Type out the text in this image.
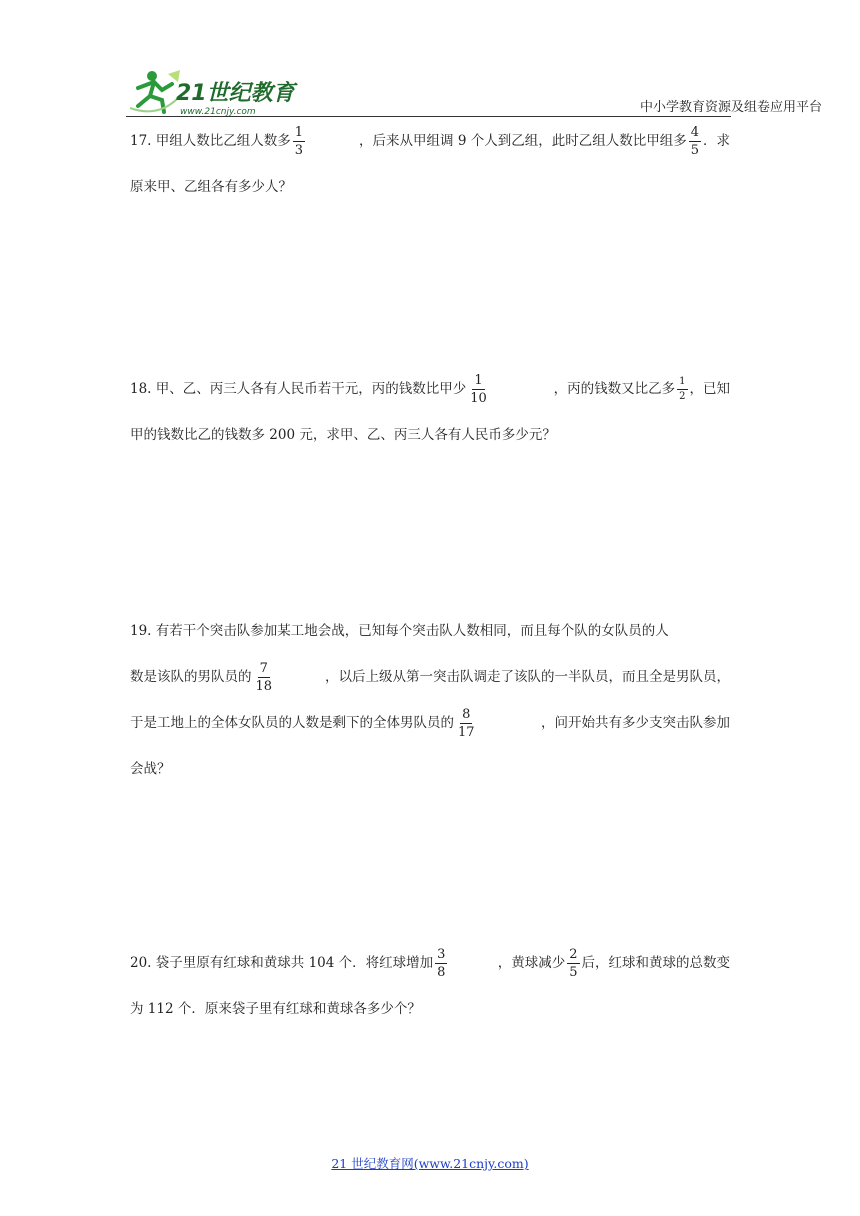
21世纪教育
www.21cnjy.com	中小学教育资源及组卷应用平台
17.
甲组人数比乙组人数多 $\frac{1}{3}$	，后来从甲组调 9 个人到乙组，此时乙组人数比甲组多 $\frac{4}{5}$ ．求
原来甲、乙组各有多少人？
18.
甲、乙、丙三人各有人民币若干元，丙的钱数比甲少 $\frac{1}{10}$	，丙的钱数又比乙多 $\frac{1}{2}$ ，已知
甲的钱数比乙的钱数多 200 元，求甲、乙、丙三人各有人民币多少元？
19. 有若干个突击队参加某工地会战，已知每个突击队人数相同，而且每个队的女队员的人
数是该队的男队员的 $\frac{7}{18}$	，以后上级从第一突击队调走了该队的一半队员，而且全是男队员，
于是工地上的全体女队员的人数是剩下的全体男队员的 $\frac{8}{17}$	，问开始共有多少支突击队参加
会战？
20.
袋子里原有红球和黄球共 104 个．将红球增加 $\frac{3}{8}$	，黄球减少 $\frac{2}{5}$ 后，红球和黄球的总数变
为 112 个．原来袋子里有红球和黄球各多少个？
21 世纪教育网(www.21cnjy.com)
